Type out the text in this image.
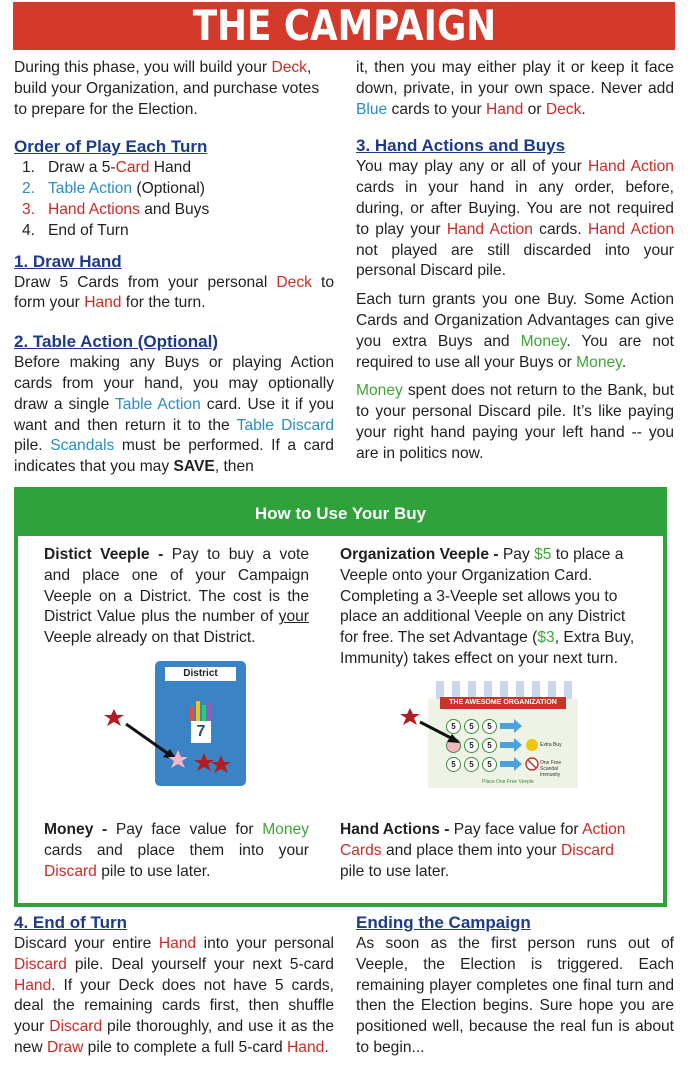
THE CAMPAIGN

During this phase, you will build your Deck, build your Organization, and purchase votes to prepare for the Election.

Order of Play Each Turn

1. Draw a 5-Card Hand
2. Table Action (Optional)
3. Hand Actions and Buys
4. End of Turn

1. Draw Hand

Draw 5 Cards from your personal Deck to form your Hand for the turn.

2. Table Action (Optional)

Before making any Buys or playing Action cards from your hand, you may optionally draw a single Table Action card. Use it if you want and then return it to the Table Discard pile. Scandals must be performed. If a card indicates that you may SAVE, then

it, then you may either play it or keep it face down, private, in your own space. Never add Blue cards to your Hand or Deck.

3. Hand Actions and Buys

You may play any or all of your Hand Action cards in your hand in any order, before, during, or after Buying. You are not required to play your Hand Action cards. Hand Action not played are still discarded into your personal Discard pile.

Each turn grants you one Buy. Some Action Cards and Organization Advantages can give you extra Buys and Money. You are not required to use all your Buys or Money.

Money spent does not return to the Bank, but to your personal Discard pile. It’s like paying your right hand paying your left hand -- you are in politics now.

How to Use Your Buy

Distict Veeple - Pay to buy a vote and place one of your Campaign Veeple on a District. The cost is the District Value plus the number of your Veeple already on that District.

Organization Veeple - Pay $5 to place a Veeple onto your Organization Card. Completing a 3-Veeple set allows you to place an additional Veeple on any District for free. The set Advantage ($3, Extra Buy, Immunity) takes effect on your next turn.

District
7
THE AWESOME ORGANIZATION
5	5	5
5	5
5	5	5
Extra Buy
One Free Scandal Immunity
Place One Free Veeple

Money - Pay face value for Money cards and place them into your Discard pile to use later.

Hand Actions - Pay face value for Action Cards and place them into your Discard pile to use later.

4. End of Turn

Discard your entire Hand into your personal Discard pile. Deal yourself your next 5-card Hand. If your Deck does not have 5 cards, deal the remaining cards first, then shuffle your Discard pile thoroughly, and use it as the new Draw pile to complete a full 5-card Hand.

Ending the Campaign

As soon as the first person runs out of Veeple, the Election is triggered. Each remaining player completes one final turn and then the Election begins. Sure hope you are positioned well, because the real fun is about to begin...
